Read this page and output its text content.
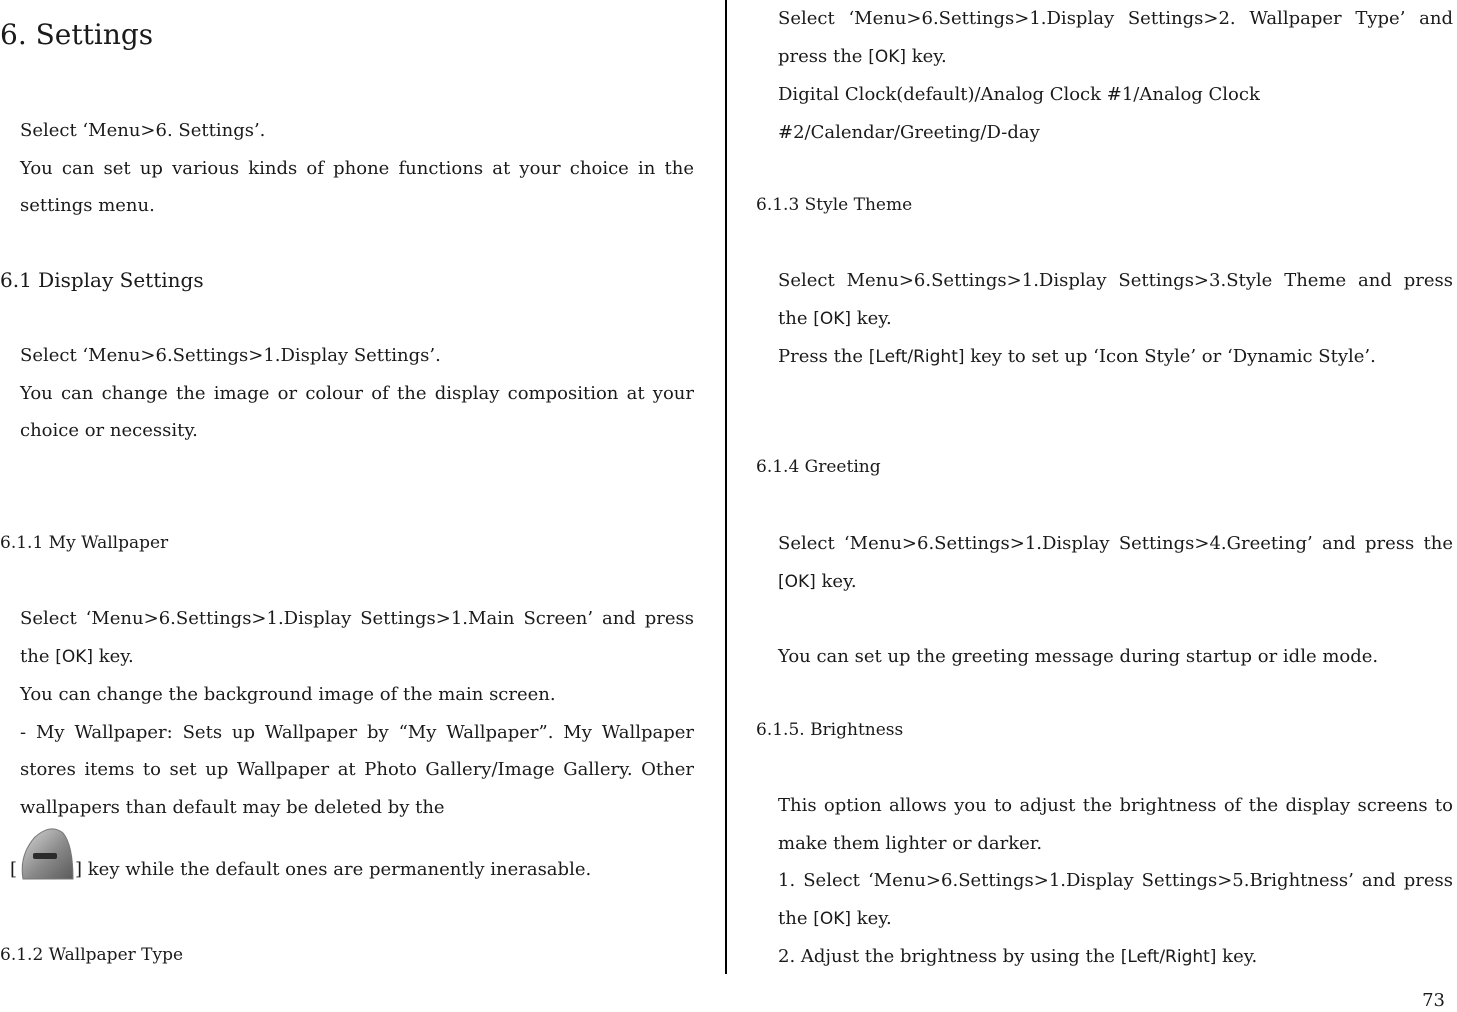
6. Settings

Select ‘Menu>6. Settings’.
You can set up various kinds of phone functions at your choice in the settings menu.

6.1 Display Settings

Select ‘Menu>6.Settings>1.Display Settings’.
You can change the image or colour of the display composition at your choice or necessity.

6.1.1 My Wallpaper

Select ‘Menu>6.Settings>1.Display Settings>1.Main Screen’ and press the [OK] key.
You can change the background image of the main screen.
- My Wallpaper: Sets up Wallpaper by “My Wallpaper”. My Wallpaper stores items to set up Wallpaper at Photo Gallery/Image Gallery. Other wallpapers than default may be deleted by the

[	] key while the default ones are permanently inerasable.
6.1.2 Wallpaper Type

Select ‘Menu>6.Settings>1.Display Settings>2. Wallpaper Type’ and press the [OK] key.
Digital Clock(default)/Analog Clock #1/Analog Clock
#2/Calendar/Greeting/D-day

6.1.3 Style Theme

Select Menu>6.Settings>1.Display Settings>3.Style Theme and press the [OK] key.
Press the [Left/Right] key to set up ‘Icon Style’ or ‘Dynamic Style’.

6.1.4 Greeting

Select ‘Menu>6.Settings>1.Display Settings>4.Greeting’ and press the [OK] key.

You can set up the greeting message during startup or idle mode.

6.1.5. Brightness

This option allows you to adjust the brightness of the display screens to make them lighter or darker.
1. Select ‘Menu>6.Settings>1.Display Settings>5.Brightness’ and press the [OK] key.
2. Adjust the brightness by using the [Left/Right] key.

73
